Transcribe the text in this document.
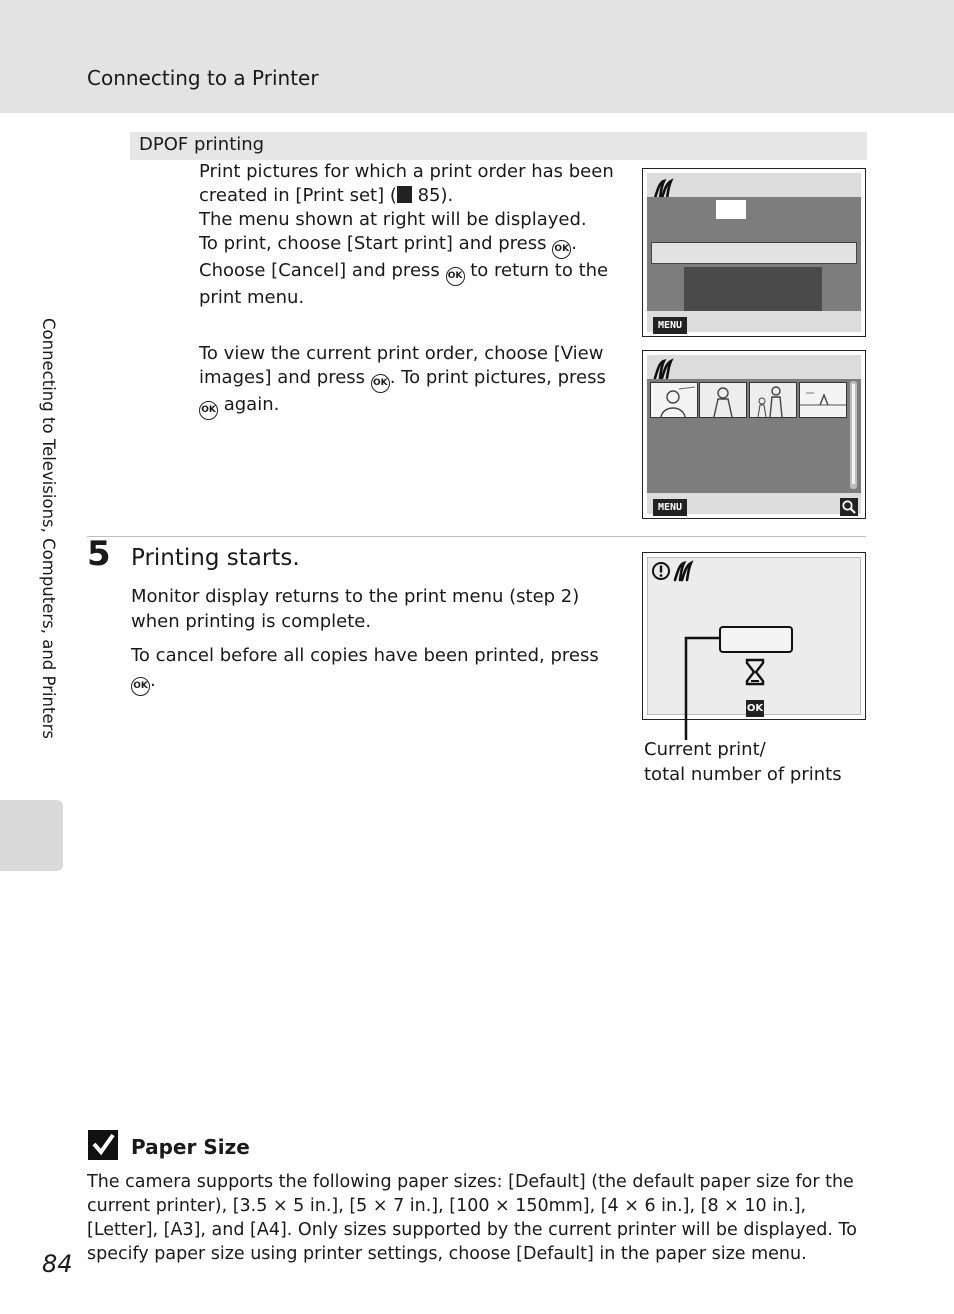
Connecting to a Printer
Connecting to Televisions, Computers, and Printers
DPOF printing
Print pictures for which a print order has been
created in [Print set] ( 85).
The menu shown at right will be displayed.
To print, choose [Start print] and press OK .
Choose [Cancel] and press OK to return to the
print menu.
To view the current print order, choose [View
images] and press OK . To print pictures, press
OK again.
MENU
MENU
5 Printing starts.

Monitor display returns to the print menu (step 2) when printing is complete.

To cancel before all copies have been printed, press
OK .
OK
Current print/
total number of prints
Paper Size

The camera supports the following paper sizes: [Default] (the default paper size for the current printer), [3.5 × 5 in.], [5 × 7 in.], [100 × 150mm], [4 × 6 in.], [8 × 10 in.], [Letter], [A3], and [A4]. Only sizes supported by the current printer will be displayed. To specify paper size using printer settings, choose [Default] in the paper size menu.

84
